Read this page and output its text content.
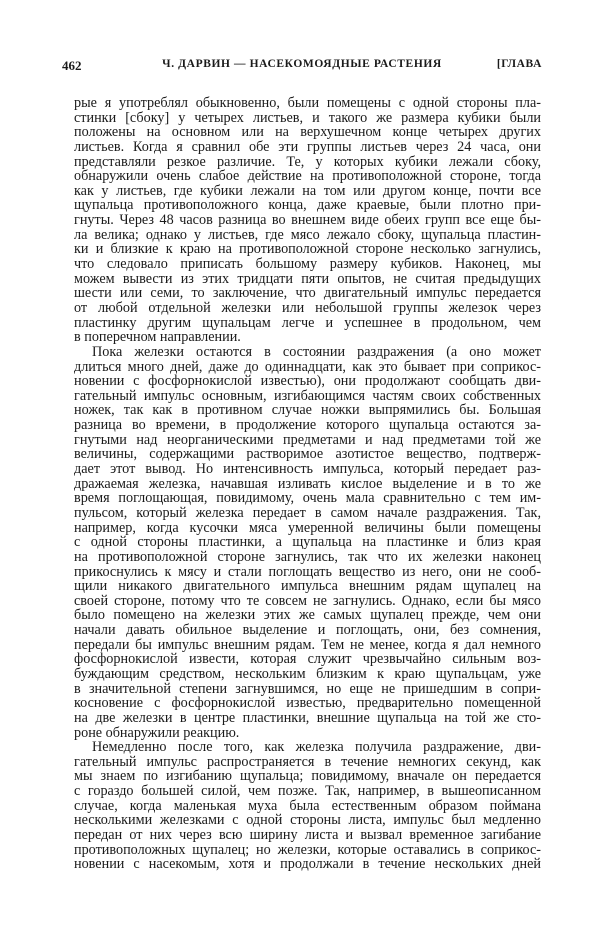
462	Ч. ДАРВИН — НАСЕКОМОЯДНЫЕ РАСТЕНИЯ	[ГЛАВА
рые я употреблял обыкновенно, были помещены с одной стороны пла-
стинки [сбоку] у четырех листьев, и такого же размера кубики были
положены на основном или на верхушечном конце четырех других
листьев. Когда я сравнил обе эти группы листьев через 24 часа, они
представляли резкое различие. Те, у которых кубики лежали сбоку,
обнаружили очень слабое действие на противоположной стороне, тогда
как у листьев, где кубики лежали на том или другом конце, почти все
щупальца противоположного конца, даже краевые, были плотно при-
гнуты. Через 48 часов разница во внешнем виде обеих групп все еще бы-
ла велика; однако у листьев, где мясо лежало сбоку, щупальца пластин-
ки и близкие к краю на противоположной стороне несколько загнулись,
что следовало приписать большому размеру кубиков. Наконец, мы
можем вывести из этих тридцати пяти опытов, не считая предыдущих
шести или семи, то заключение, что двигательный импульс передается
от любой отдельной железки или небольшой группы железок через
пластинку другим щупальцам легче и успешнее в продольном, чем
в поперечном направлении.
Пока железки остаются в состоянии раздражения (а оно может
длиться много дней, даже до одиннадцати, как это бывает при соприкос-
новении с фосфорнокислой известью), они продолжают сообщать дви-
гательный импульс основным, изгибающимся частям своих собственных
ножек, так как в противном случае ножки выпрямились бы. Большая
разница во времени, в продолжение которого щупальца остаются за-
гнутыми над неорганическими предметами и над предметами той же
величины, содержащими растворимое азотистое вещество, подтверж-
дает этот вывод. Но интенсивность импульса, который передает раз-
дражаемая железка, начавшая изливать кислое выделение и в то же
время поглощающая, повидимому, очень мала сравнительно с тем им-
пульсом, который железка передает в самом начале раздражения. Так,
например, когда кусочки мяса умеренной величины были помещены
с одной стороны пластинки, а щупальца на пластинке и близ края
на противоположной стороне загнулись, так что их железки наконец
прикоснулись к мясу и стали поглощать вещество из него, они не сооб-
щили никакого двигательного импульса внешним рядам щупалец на
своей стороне, потому что те совсем не загнулись. Однако, если бы мясо
было помещено на железки этих же самых щупалец прежде, чем они
начали давать обильное выделение и поглощать, они, без сомнения,
передали бы импульс внешним рядам. Тем не менее, когда я дал немного
фосфорнокислой извести, которая служит чрезвычайно сильным воз-
буждающим средством, нескольким близким к краю щупальцам, уже
в значительной степени загнувшимся, но еще не пришедшим в сопри-
косновение с фосфорнокислой известью, предварительно помещенной
на две железки в центре пластинки, внешние щупальца на той же сто-
роне обнаружили реакцию.
Немедленно после того, как железка получила раздражение, дви-
гательный импульс распространяется в течение немногих секунд, как
мы знаем по изгибанию щупальца; повидимому, вначале он передается
с гораздо большей силой, чем позже. Так, например, в вышеописанном
случае, когда маленькая муха была естественным образом поймана
несколькими железками с одной стороны листа, импульс был медленно
передан от них через всю ширину листа и вызвал временное загибание
противоположных щупалец; но железки, которые оставались в соприкос-
новении с насекомым, хотя и продолжали в течение нескольких дней
